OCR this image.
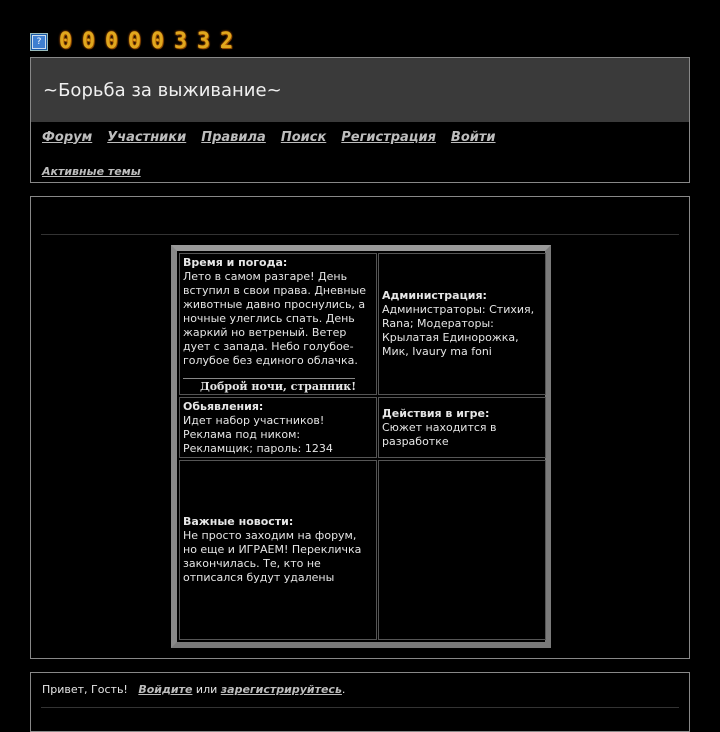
? 0 0 0 0 0 3 3 2
~Борьба за выживание~
Форум Участники Правила Поиск Регистрация Войти
Активные темы
Время и погода:
Лето в самом разгаре! День вступил в свои права. Дневные животные давно проснулись, а ночные улеглись спать. День жаркий но ветреный. Ветер дует с запада. Небо голубое-голубое без единого облачка.
Доброй ночи, странник!
Администрация:
Администраторы: Стихия, Rana; Модераторы: Крылатая Единорожка, Мик, Ivaury ma foni
Обьявления:
Идет набор участников!
Реклама под ником: Рекламщик; пароль: 1234
Действия в игре:
Сюжет находится в разработке
Важные новости:
Не просто заходим на форум, но еще и ИГРАЕМ! Перекличка закончилась. Те, кто не отписался будут удалены
Привет, Гость! Войдите или зарегистрируйтесь.
